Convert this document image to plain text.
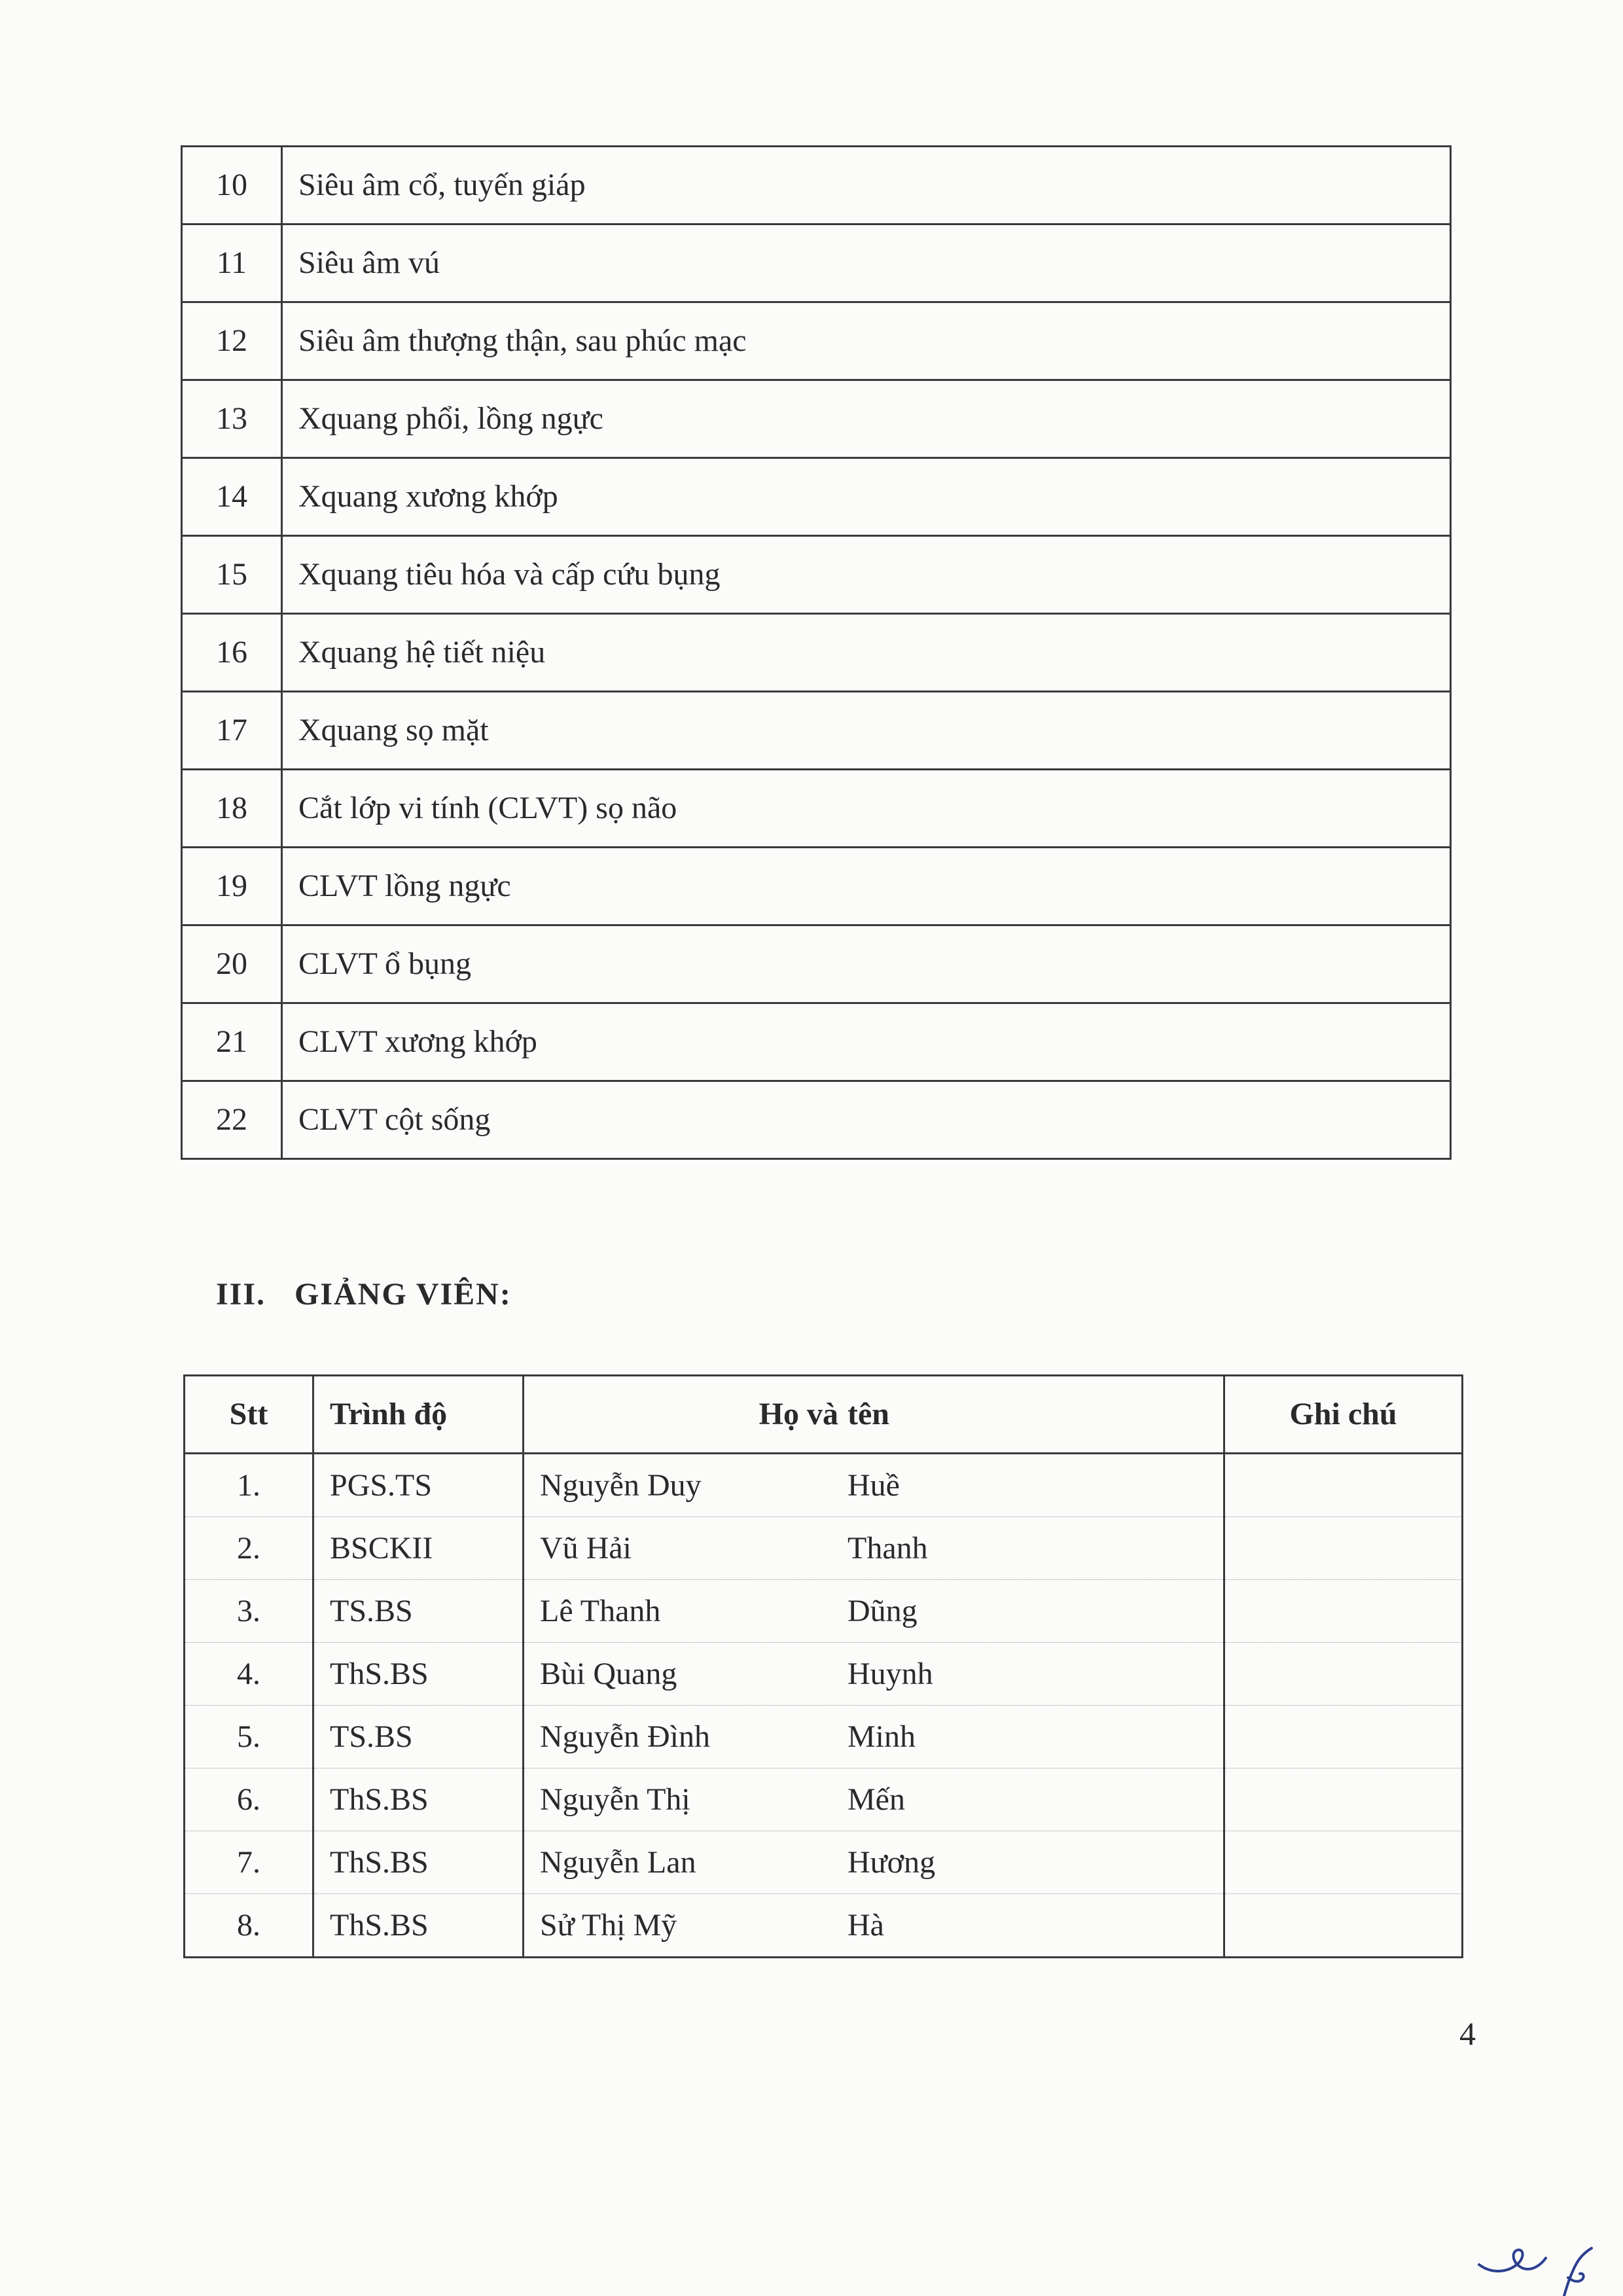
10	Siêu âm cổ, tuyến giáp
11	Siêu âm vú
12	Siêu âm thượng thận, sau phúc mạc
13	Xquang phổi, lồng ngực
14	Xquang xương khớp
15	Xquang tiêu hóa và cấp cứu bụng
16	Xquang hệ tiết niệu
17	Xquang sọ mặt
18	Cắt lớp vi tính (CLVT) sọ não
19	CLVT lồng ngực
20	CLVT ổ bụng
21	CLVT xương khớp
22	CLVT cột sống
III. GIẢNG VIÊN:
Stt	Trình độ	Họ và tên	Ghi chú
1.	PGS.TS	Nguyễn Duy Huề	
2.	BSCKII	Vũ Hải Thanh	
3.	TS.BS	Lê Thanh Dũng	
4.	ThS.BS	Bùi Quang Huynh	
5.	TS.BS	Nguyễn Đình Minh	
6.	ThS.BS	Nguyễn Thị Mến	
7.	ThS.BS	Nguyễn Lan Hương	
8.	ThS.BS	Sử Thị Mỹ Hà	
4
